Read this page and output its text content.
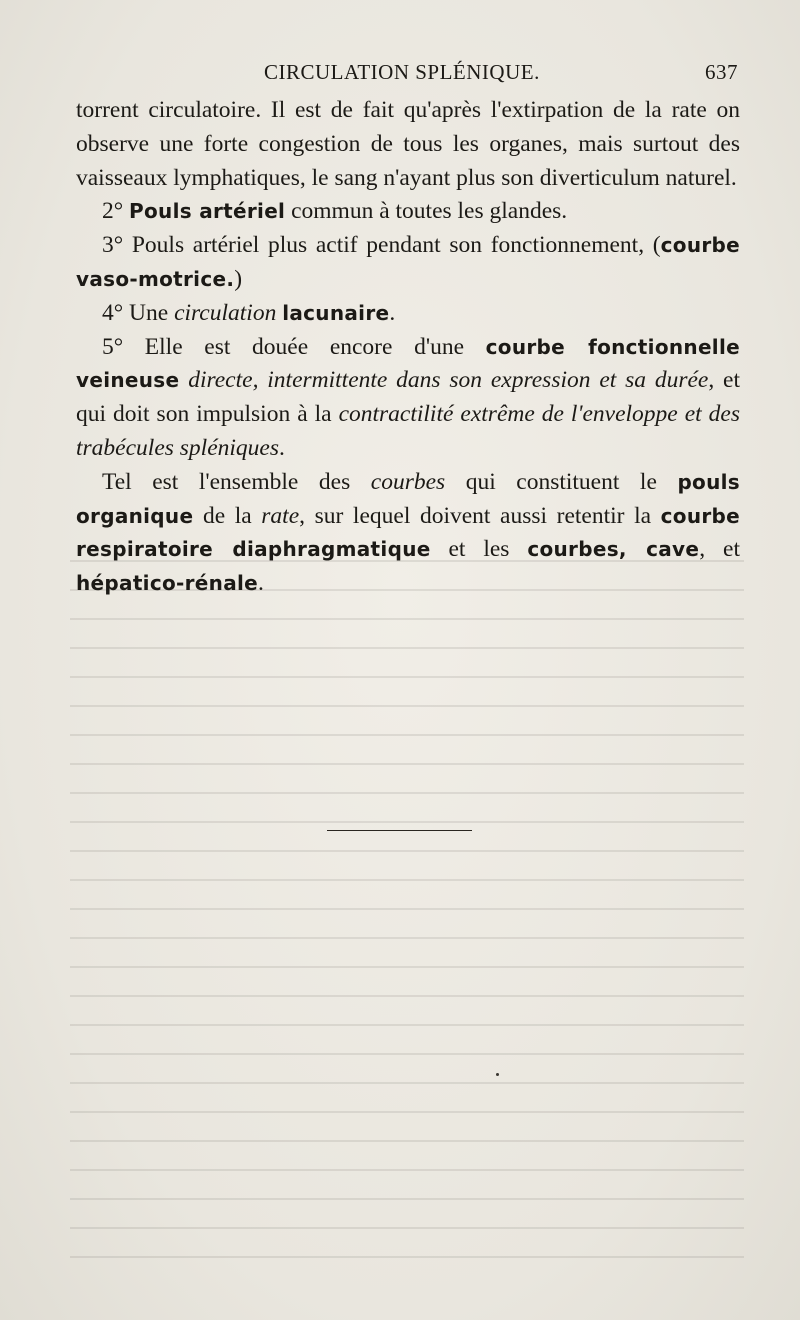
CIRCULATION SPLÉNIQUE.	637

torrent circulatoire. Il est de fait qu'après l'extirpation de la rate on observe une forte congestion de tous les organes, mais surtout des vaisseaux lymphatiques, le sang n'ayant plus son diverticulum naturel.

2° Pouls artériel commun à toutes les glandes.

3° Pouls artériel plus actif pendant son fonctionnement, (courbe vaso-motrice.)

4° Une circulation lacunaire.

5° Elle est douée encore d'une courbe fonctionnelle veineuse directe, intermittente dans son expression et sa durée, et qui doit son impulsion à la contractilité extrême de l'enveloppe et des trabécules spléniques.

Tel est l'ensemble des courbes qui constituent le pouls organique de la rate, sur lequel doivent aussi retentir la courbe respiratoire diaphragmatique et les courbes, cave, et hépatico-rénale.
